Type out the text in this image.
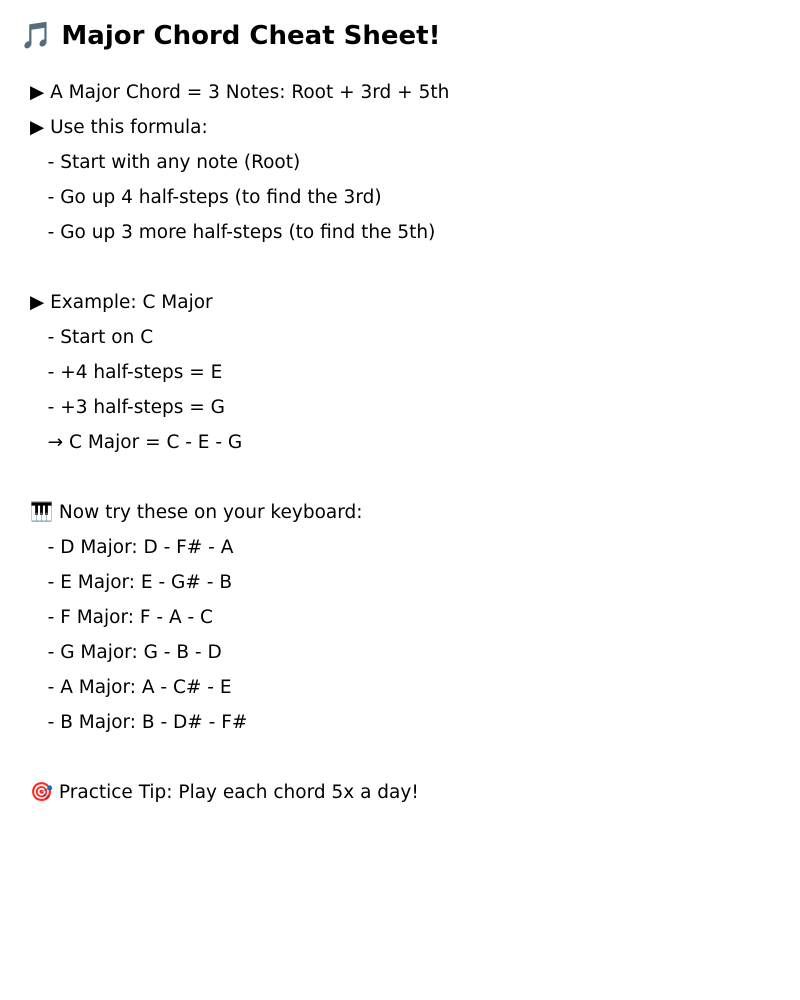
🎵 Major Chord Cheat Sheet!
▶ A Major Chord = 3 Notes: Root + 3rd + 5th
▶ Use this formula:
- Start with any note (Root)
- Go up 4 half-steps (to find the 3rd)
- Go up 3 more half-steps (to find the 5th)
▶ Example: C Major
- Start on C
- +4 half-steps = E
- +3 half-steps = G
→ C Major = C - E - G
🎹 Now try these on your keyboard:
- D Major: D - F# - A
- E Major: E - G# - B
- F Major: F - A - C
- G Major: G - B - D
- A Major: A - C# - E
- B Major: B - D# - F#
🎯 Practice Tip: Play each chord 5x a day!
